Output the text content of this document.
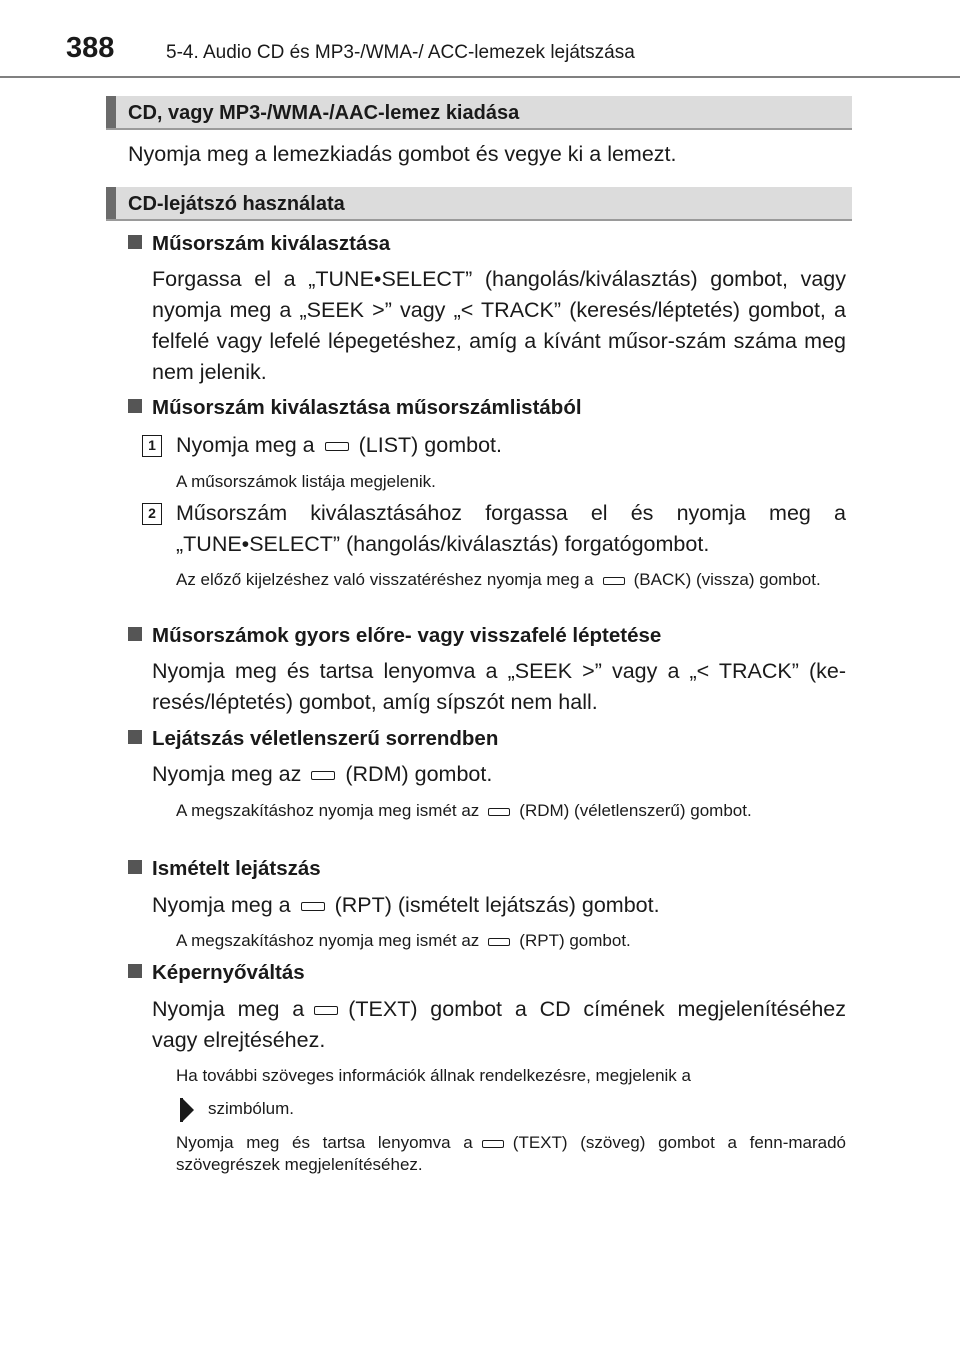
388	5-4. Audio CD és MP3-/WMA-/ ACC-lemezek lejátszása
CD, vagy MP3-/WMA-/AAC-lemez kiadása
Nyomja meg a lemezkiadás gombot és vegye ki a lemezt.
CD-lejátszó használata
Műsorszám kiválasztása
Forgassa el a „TUNE•SELECT” (hangolás/kiválasztás) gombot, vagy nyomja meg a „SEEK >” vagy „< TRACK” (keresés/léptetés) gombot, a felfelé vagy lefelé lépegetéshez, amíg a kívánt műsor-szám száma meg nem jelenik.
Műsorszám kiválasztása műsorszámlistából
1 Nyomja meg a (LIST) gombot.
A műsorszámok listája megjelenik.
2 Műsorszám kiválasztásához forgassa el és nyomja meg a „TUNE•SELECT” (hangolás/kiválasztás) forgatógombot.
Az előző kijelzéshez való visszatéréshez nyomja meg a (BACK) (vissza) gombot.
Műsorszámok gyors előre- vagy visszafelé léptetése
Nyomja meg és tartsa lenyomva a „SEEK >” vagy a „< TRACK” (ke-resés/léptetés) gombot, amíg sípszót nem hall.
Lejátszás véletlenszerű sorrendben
Nyomja meg az (RDM) gombot.
A megszakításhoz nyomja meg ismét az (RDM) (véletlenszerű) gombot.
Ismételt lejátszás
Nyomja meg a (RPT) (ismételt lejátszás) gombot.
A megszakításhoz nyomja meg ismét az (RPT) gombot.
Képernyőváltás
Nyomja meg a (TEXT) gombot a CD címének megjelenítéséhez vagy elrejtéséhez.
Ha további szöveges információk állnak rendelkezésre, megjelenik a
szimbólum.
Nyomja meg és tartsa lenyomva a (TEXT) (szöveg) gombot a fenn-maradó szövegrészek megjelenítéséhez.
